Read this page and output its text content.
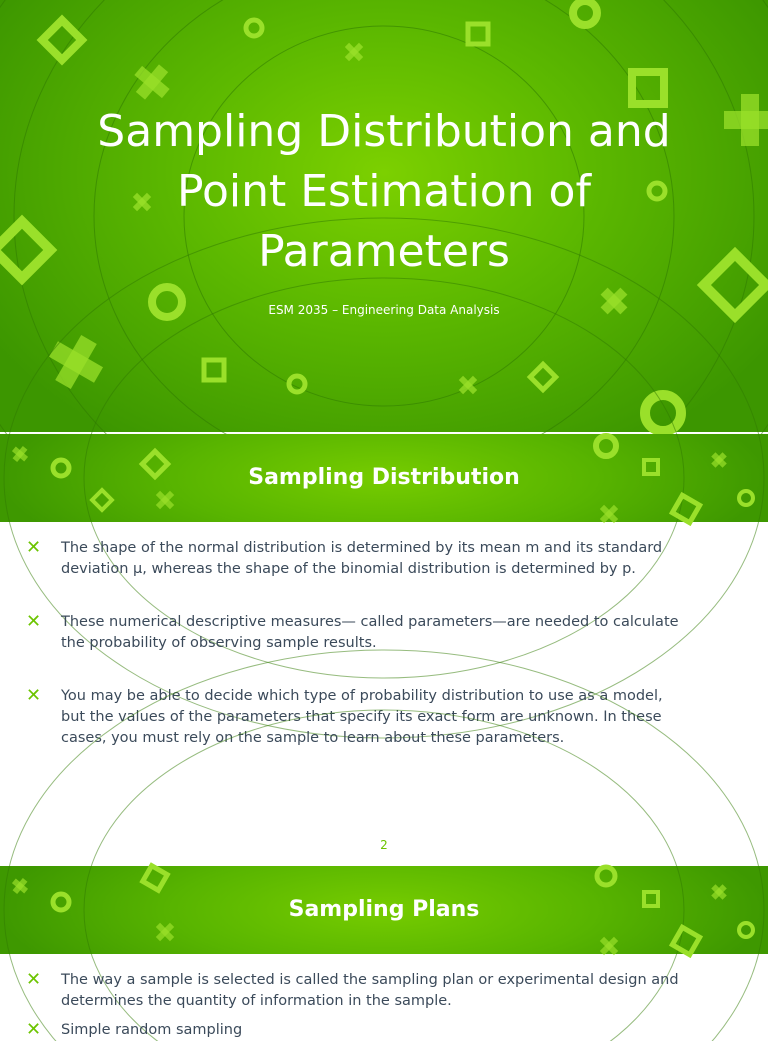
Sampling Distribution and
Point Estimation of
Parameters
ESM 2035 – Engineering Data Analysis
Sampling Distribution
✕ The shape of the normal distribution is determined by its mean m and its standard
deviation μ, whereas the shape of the binomial distribution is determined by p.
✕ These numerical descriptive measures— called parameters—are needed to calculate
the probability of observing sample results.
✕ You may be able to decide which type of probability distribution to use as a model,
but the values of the parameters that specify its exact form are unknown. In these
cases, you must rely on the sample to learn about these parameters.
2
Sampling Plans
✕ The way a sample is selected is called the sampling plan or experimental design and
determines the quantity of information in the sample.
✕ Simple random sampling
